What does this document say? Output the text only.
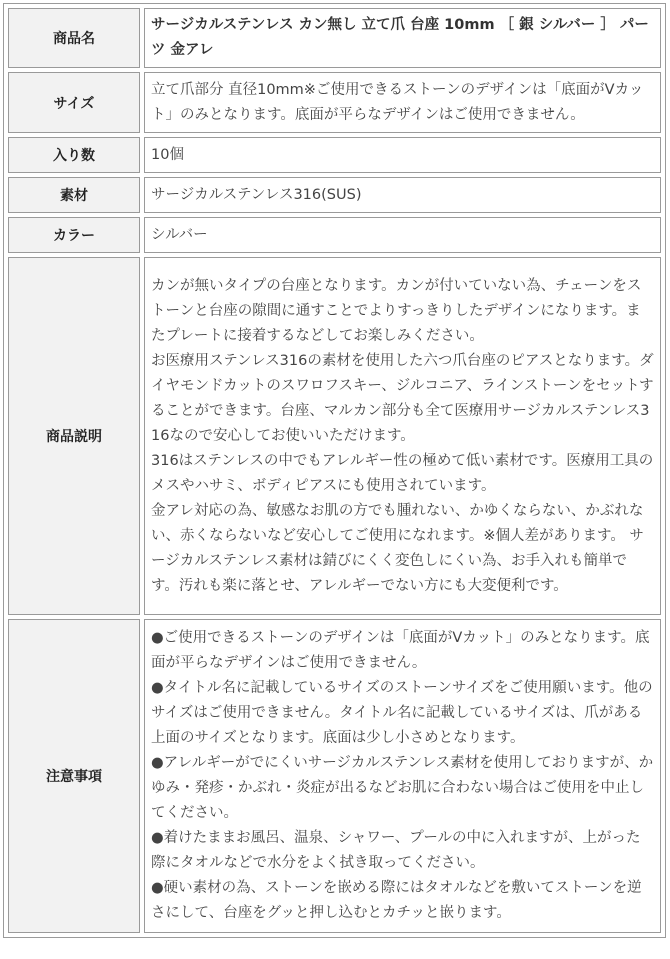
商品名	サージカルステンレス カン無し 立て爪 台座 10mm ［ 銀 シルバー ］ パーツ 金アレ
サイズ	立て爪部分 直径10mm※ご使用できるストーンのデザインは「底面がVカット」のみとなります。底面が平らなデザインはご使用できません。
入り数	10個
素材	サージカルステンレス316(SUS)
カラー	シルバー
商品説明	カンが無いタイプの台座となります。カンが付いていない為、チェーンをストーンと台座の隙間に通すことでよりすっきりしたデザインになります。またプレートに接着するなどしてお楽しみください。
お医療用ステンレス316の素材を使用した六つ爪台座のピアスとなります。ダイヤモンドカットのスワロフスキー、ジルコニア、ラインストーンをセットすることができます。台座、マルカン部分も全て医療用サージカルステンレス316なので安心してお使いいただけます。
316はステンレスの中でもアレルギー性の極めて低い素材です。医療用工具のメスやハサミ、ボディピアスにも使用されています。
金アレ対応の為、敏感なお肌の方でも腫れない、かゆくならない、かぶれない、赤くならないなど安心してご使用になれます。※個人差があります。 サージカルステンレス素材は錆びにくく変色しにくい為、お手入れも簡単です。汚れも楽に落とせ、アレルギーでない方にも大変便利です。

注意事項	●ご使用できるストーンのデザインは「底面がVカット」のみとなります。底面が平らなデザインはご使用できません。
●タイトル名に記載しているサイズのストーンサイズをご使用願います。他のサイズはご使用できません。タイトル名に記載しているサイズは、爪がある上面のサイズとなります。底面は少し小さめとなります。
●アレルギーがでにくいサージカルステンレス素材を使用しておりますが、かゆみ・発疹・かぶれ・炎症が出るなどお肌に合わない場合はご使用を中止してください。
●着けたままお風呂、温泉、シャワー、プールの中に入れますが、上がった際にタオルなどで水分をよく拭き取ってください。
●硬い素材の為、ストーンを嵌める際にはタオルなどを敷いてストーンを逆さにして、台座をグッと押し込むとカチッと嵌ります。
